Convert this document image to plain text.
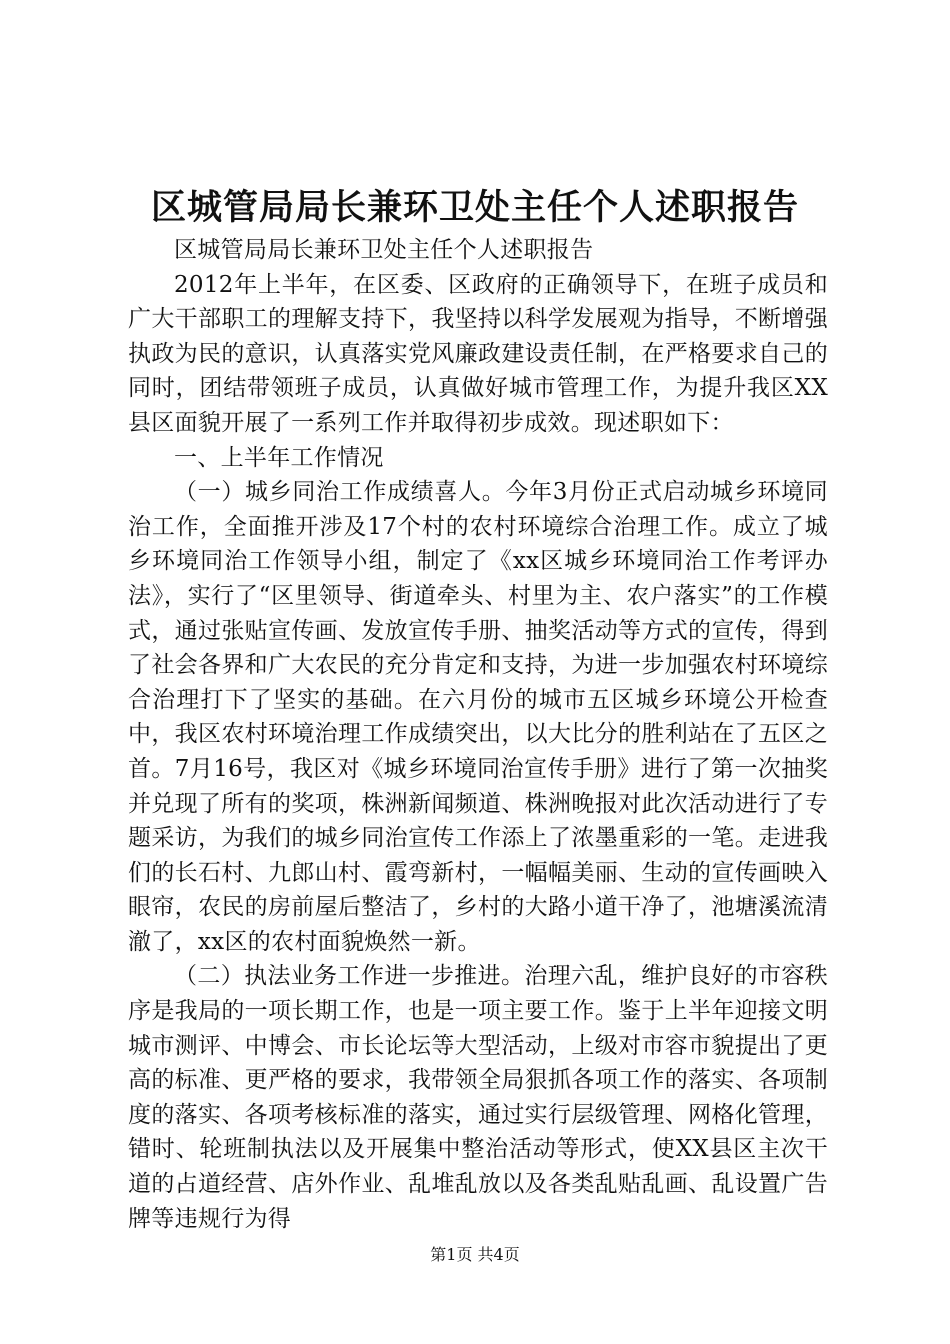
区城管局局长兼环卫处主任个人述职报告

区城管局局长兼环卫处主任个人述职报告

2012年上半年，在区委、区政府的正确领导下，在班子成员和广大干部职工的理解支持下，我坚持以科学发展观为指导，不断增强执政为民的意识，认真落实党风廉政建设责任制，在严格要求自己的同时，团结带领班子成员，认真做好城市管理工作，为提升我区XX县区面貌开展了一系列工作并取得初步成效。现述职如下：

一、上半年工作情况

（一）城乡同治工作成绩喜人。今年3月份正式启动城乡环境同治工作，全面推开涉及17个村的农村环境综合治理工作。成立了城乡环境同治工作领导小组，制定了《xx区城乡环境同治工作考评办法》，实行了“区里领导、街道牵头、村里为主、农户落实”的工作模式，通过张贴宣传画、发放宣传手册、抽奖活动等方式的宣传，得到了社会各界和广大农民的充分肯定和支持，为进一步加强农村环境综合治理打下了坚实的基础。在六月份的城市五区城乡环境公开检查中，我区农村环境治理工作成绩突出，以大比分的胜利站在了五区之首。7月16号，我区对《城乡环境同治宣传手册》进行了第一次抽奖并兑现了所有的奖项，株洲新闻频道、株洲晚报对此次活动进行了专题采访，为我们的城乡同治宣传工作添上了浓墨重彩的一笔。走进我们的长石村、九郎山村、霞弯新村，一幅幅美丽、生动的宣传画映入眼帘，农民的房前屋后整洁了，乡村的大路小道干净了，池塘溪流清澈了，xx区的农村面貌焕然一新。

（二）执法业务工作进一步推进。治理六乱，维护良好的市容秩序是我局的一项长期工作，也是一项主要工作。鉴于上半年迎接文明城市测评、中博会、市长论坛等大型活动，上级对市容市貌提出了更高的标准、更严格的要求，我带领全局狠抓各项工作的落实、各项制度的落实、各项考核标准的落实，通过实行层级管理、网格化管理，错时、轮班制执法以及开展集中整治活动等形式，使XX县区主次干道的占道经营、店外作业、乱堆乱放以及各类乱贴乱画、乱设置广告牌等违规行为得

第1页 共4页
